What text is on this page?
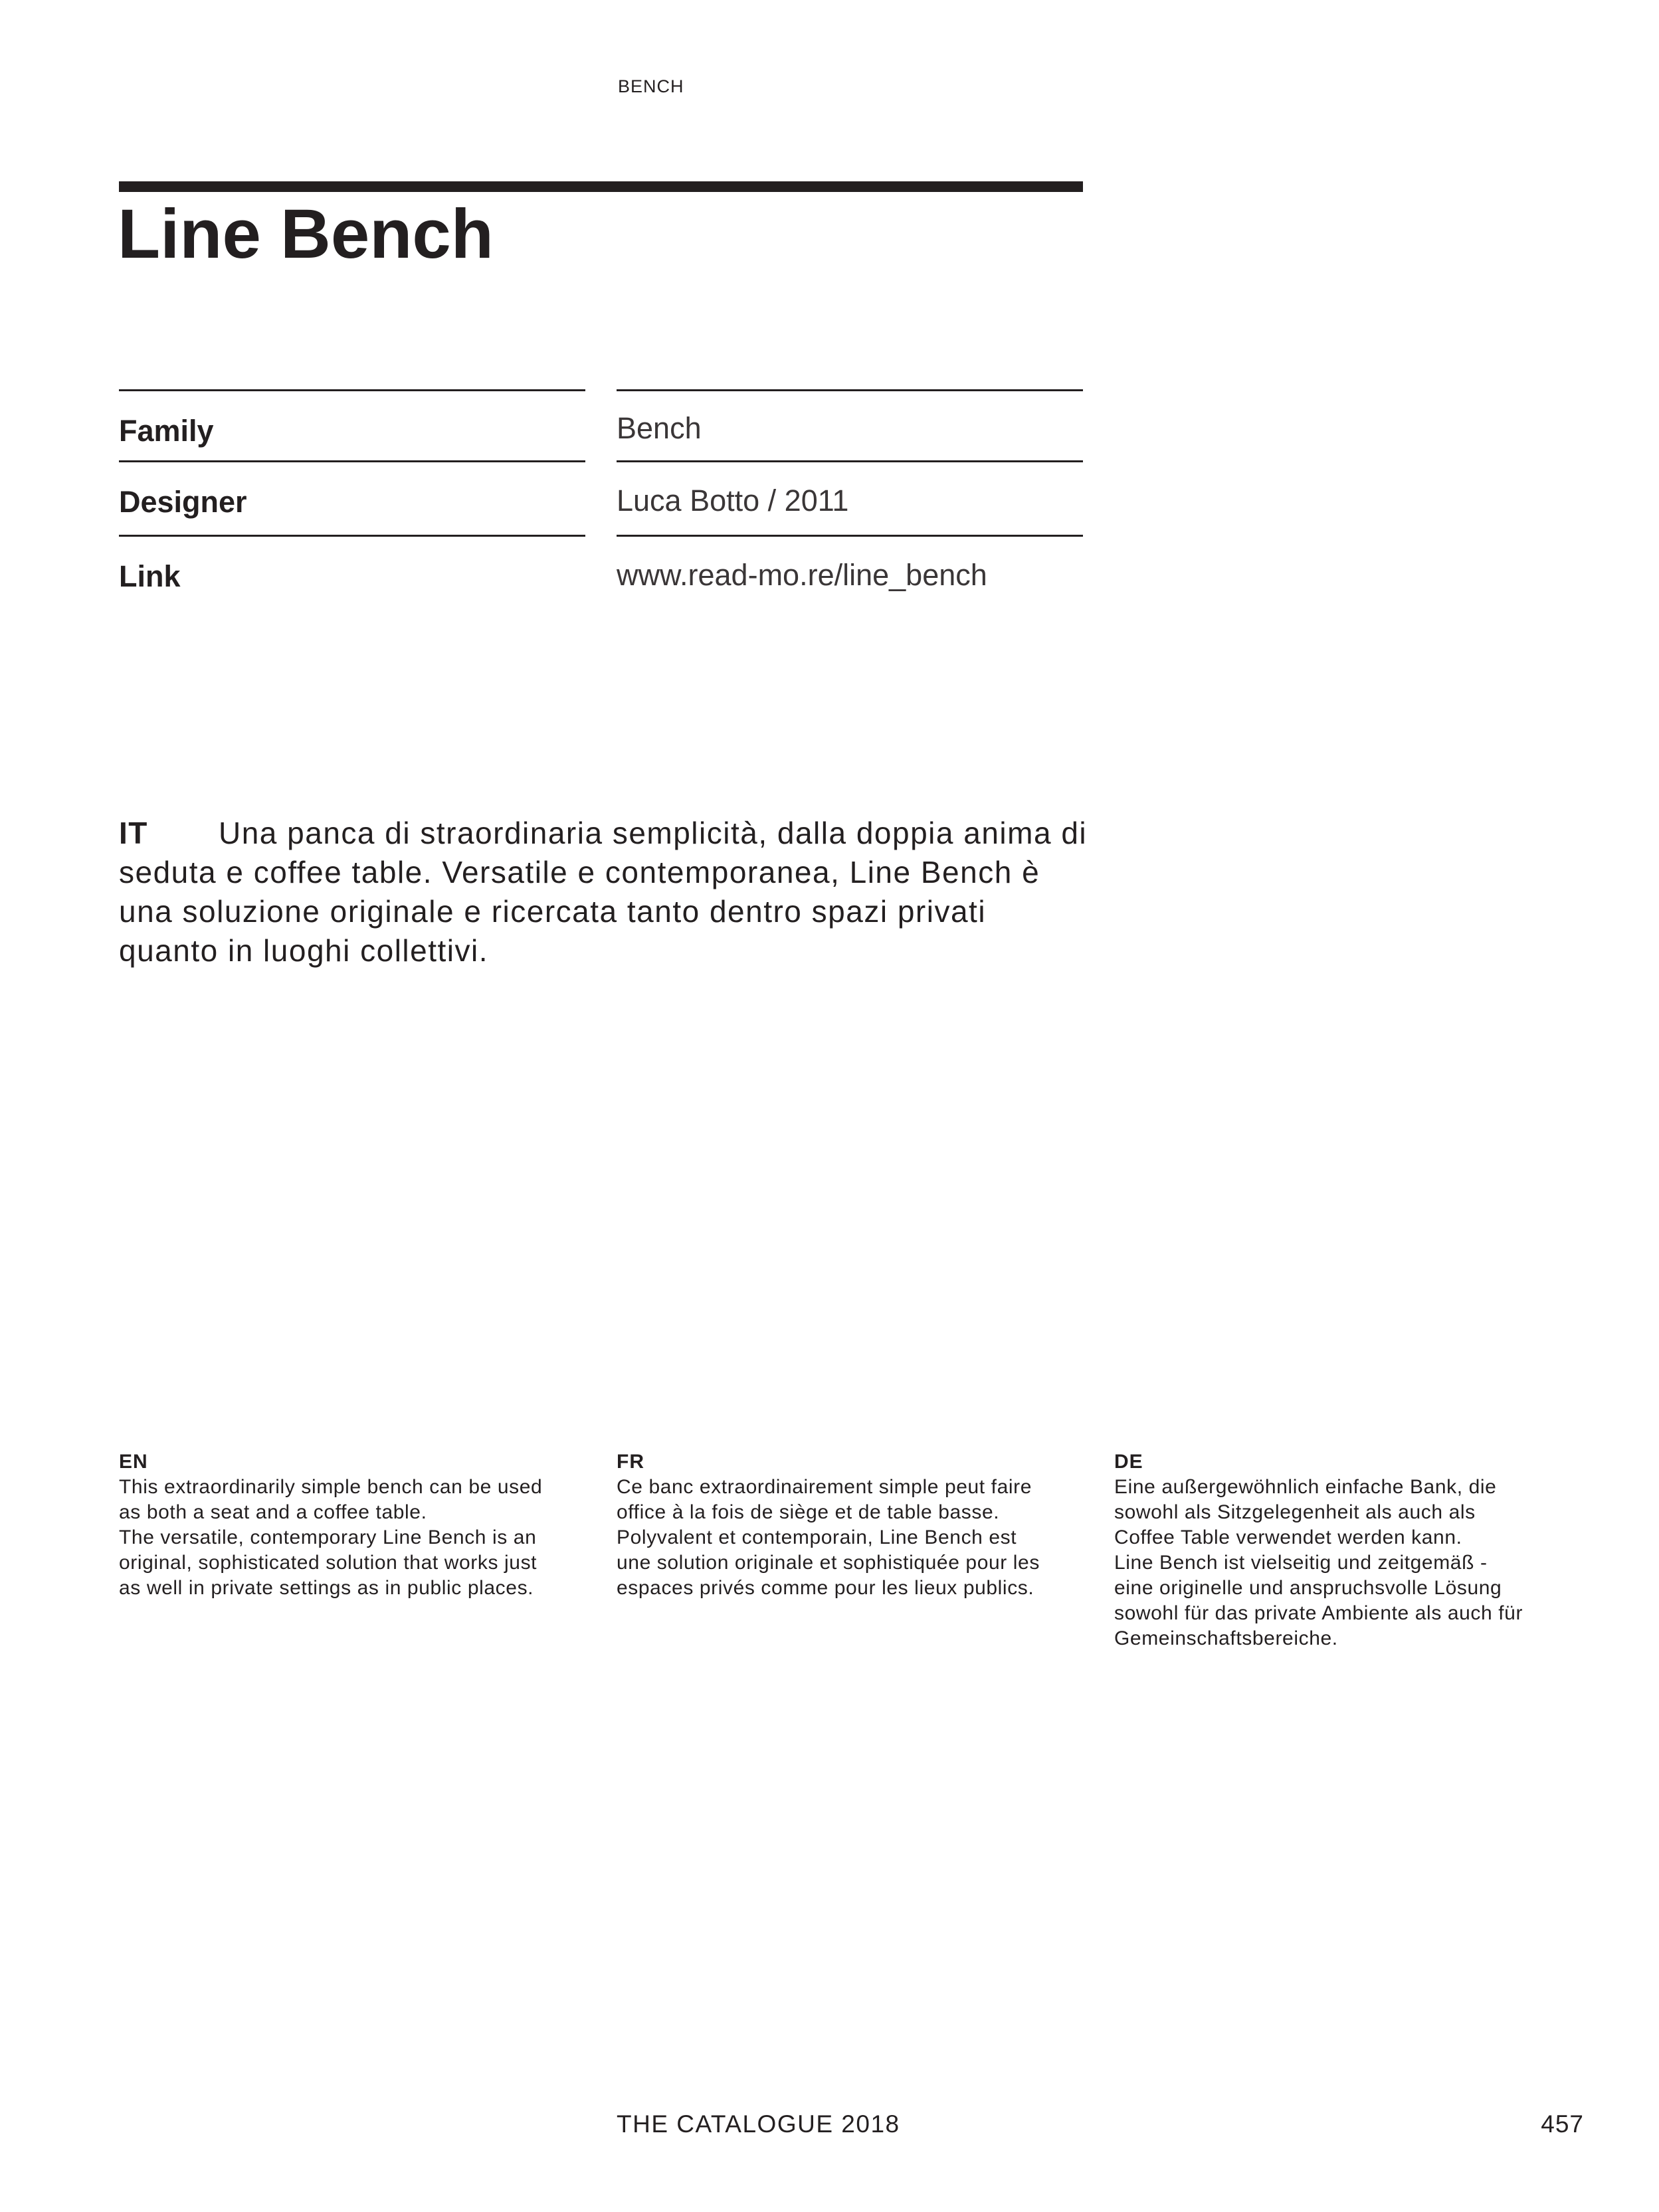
BENCH
Line Bench
Family	Bench
Designer	Luca Botto / 2011
Link	www.read-mo.re/line_bench
IT Una panca di straordinaria semplicità, dalla doppia anima di seduta e coffee table. Versatile e contemporanea, Line Bench è una soluzione originale e ricercata tanto dentro spazi privati quanto in luoghi collettivi.
EN
This extraordinarily simple bench can be used
as both a seat and a coffee table.
The versatile, contemporary Line Bench is an
original, sophisticated solution that works just
as well in private settings as in public places.
FR
Ce banc extraordinairement simple peut faire
office à la fois de siège et de table basse.
Polyvalent et contemporain, Line Bench est
une solution originale et sophistiquée pour les
espaces privés comme pour les lieux publics.
DE
Eine außergewöhnlich einfache Bank, die
sowohl als Sitzgelegenheit als auch als
Coffee Table verwendet werden kann.
Line Bench ist vielseitig und zeitgemäß -
eine originelle und anspruchsvolle Lösung
sowohl für das private Ambiente als auch für
Gemeinschaftsbereiche.
THE CATALOGUE 2018	457
